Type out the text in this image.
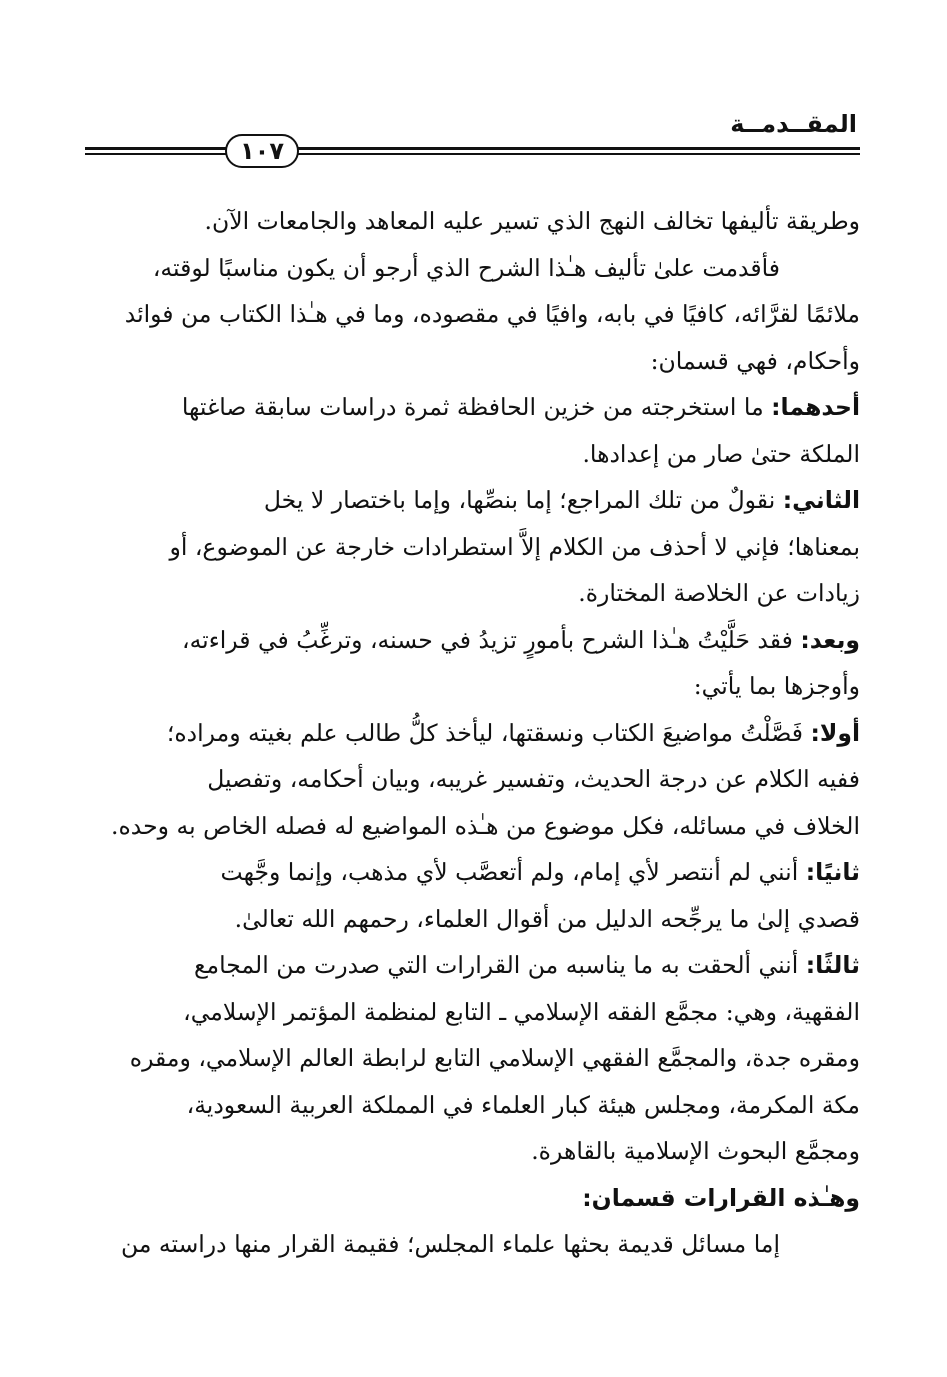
المقــدمــة
١٠٧
وطريقة تأليفها تخالف النهج الذي تسير عليه المعاهد والجامعات الآن.
فأقدمت علىٰ تأليف هـٰذا الشرح الذي أرجو أن يكون مناسبًا لوقته،
ملائمًا لقرَّائه، كافيًا في بابه، وافيًا في مقصوده، وما في هـٰذا الكتاب من فوائد
وأحكام، فهي قسمان:
أحدهما: ما استخرجته من خزين الحافظة ثمرة دراسات سابقة صاغتها
الملكة حتىٰ صار من إعدادها.
الثاني: نقولٌ من تلك المراجع؛ إما بنصِّها، وإما باختصار لا يخل
بمعناها؛ فإني لا أحذف من الكلام إلاَّ استطرادات خارجة عن الموضوع، أو
زيادات عن الخلاصة المختارة.
وبعد: فقد حَلَّيْتُ هـٰذا الشرح بأمورٍ تزيدُ في حسنه، وترغِّبُ في قراءته،
وأوجزها بما يأتي:
أولا: فَصَّلْتُ مواضيعَ الكتاب ونسقتها، ليأخذ كلُّ طالب علم بغيته ومراده؛
ففيه الكلام عن درجة الحديث، وتفسير غريبه، وبيان أحكامه، وتفصيل
الخلاف في مسائله، فكل موضوع من هـٰذه المواضيع له فصله الخاص به وحده.
ثانيًا: أنني لم أنتصر لأي إمام، ولم أتعصَّب لأي مذهب، وإنما وجَّهت
قصدي إلىٰ ما يرجِّحه الدليل من أقوال العلماء، رحمهم الله تعالىٰ.
ثالثًا: أنني ألحقت به ما يناسبه من القرارات التي صدرت من المجامع
الفقهية، وهي: مجمَّع الفقه الإسلامي ـ التابع لمنظمة المؤتمر الإسلامي،
ومقره جدة، والمجمَّع الفقهي الإسلامي التابع لرابطة العالم الإسلامي، ومقره
مكة المكرمة، ومجلس هيئة كبار العلماء في المملكة العربية السعودية،
ومجمَّع البحوث الإسلامية بالقاهرة.
وهـٰذه القرارات قسمان:
إما مسائل قديمة بحثها علماء المجلس؛ فقيمة القرار منها دراسته من
